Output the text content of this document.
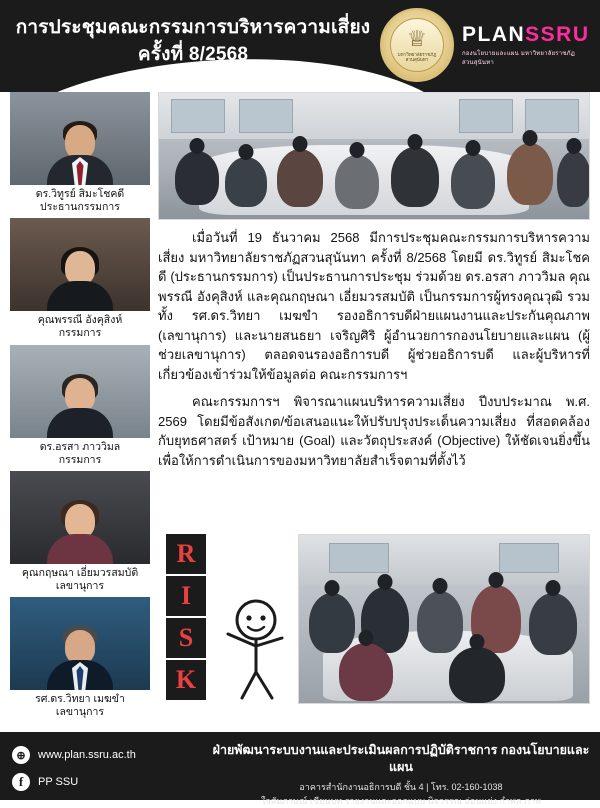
การประชุมคณะกรรมการบริหารความเสี่ยง
ครั้งที่ 8/2568
♕
มหาวิทยาลัยราชภัฏสวนสุนันทา
PLANSSRU
กองนโยบายและแผน มหาวิทยาลัยราชภัฏสวนสุนันทา
ดร.วิทูรย์ สิมะโชคดี
ประธานกรรมการ
คุณพรรณี อังคุสิงห์
กรรมการ
ดร.อรสา ภาววิมล
กรรมการ
คุณกฤษณา เอี่ยมวรสมบัติ
เลขานุการ
รศ.ดร.วิทยา เมฆขำ
เลขานุการ

เมื่อวันที่ 19 ธันวาคม 2568 มีการประชุมคณะกรรมการบริหารความเสี่ยง มหาวิทยาลัยราชภัฏสวนสุนันทา ครั้งที่ 8/2568 โดยมี ดร.วิทูรย์ สิมะโชคดี (ประธานกรรมการ) เป็นประธานการประชุม ร่วมด้วย ดร.อรสา ภาววิมล คุณพรรณี อังคุสิงห์ และคุณกฤษณา เอี่ยมวรสมบัติ เป็นกรรมการผู้ทรงคุณวุฒิ รวมทั้ง รศ.ดร.วิทยา เมฆขำ รองอธิการบดีฝ่ายแผนงานและประกันคุณภาพ (เลขานุการ) และนายสนธยา เจริญศิริ ผู้อำนวยการกองนโยบายและแผน (ผู้ช่วยเลขานุการ) ตลอดจนรองอธิการบดี ผู้ช่วยอธิการบดี และผู้บริหารที่เกี่ยวข้องเข้าร่วมให้ข้อมูลต่อ คณะกรรมการฯ

คณะกรรมการฯ พิจารณาแผนบริหารความเสี่ยง ปีงบประมาณ พ.ศ. 2569 โดยมีข้อสังเกต/ข้อเสนอแนะให้ปรับปรุงประเด็นความเสี่ยง ที่สอดคล้องกับยุทธศาสตร์ เป้าหมาย (Goal) และวัตถุประสงค์ (Objective) ให้ชัดเจนยิ่งขึ้น เพื่อให้การดำเนินการของมหาวิทยาลัยสำเร็จตามที่ตั้งไว้

R
I
S
K
⊕	www.plan.ssru.ac.th
f	PP SSU
ฝ่ายพัฒนาระบบงานและประเมินผลการปฏิบัติราชการ กองนโยบายและแผน
อาคารสำนักงานอธิการบดี ชั้น 4 | โทร. 02-160-1038
ใจสัมภาษณ์ เขียนบท รายงานและออกแบบ นิจวรรณ อ่อนแย่ง กำพล ภาพ
